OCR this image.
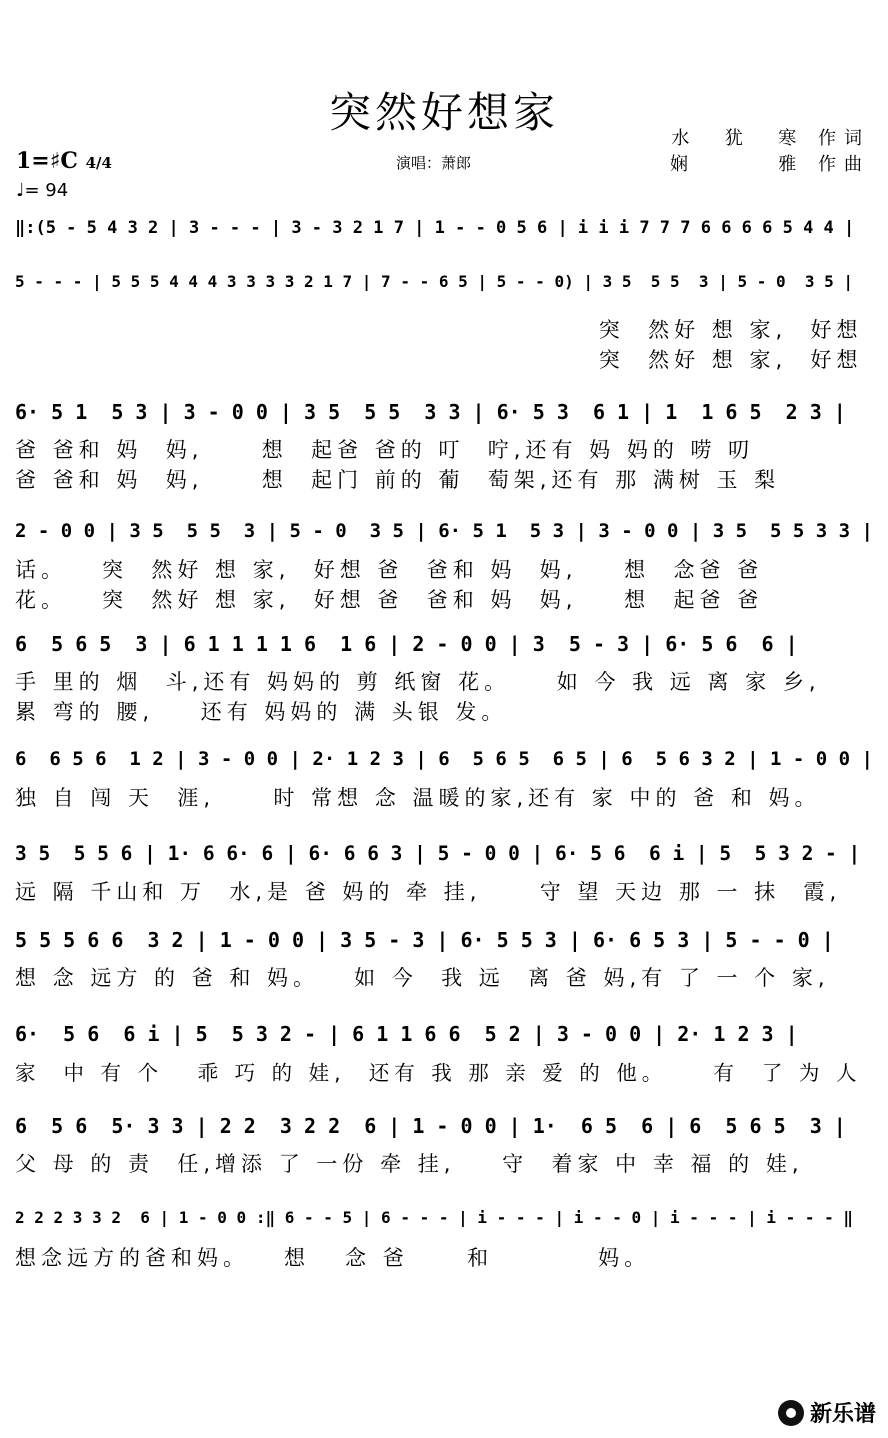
突然好想家
水  犹  寒 作词
娴      雅 作曲
1=♯C 4/4
♩= 94
演唱：萧郎
‖:(5 - 5 4 3 2 | 3 - - - | 3 - 3 2 1 7 | 1 - - 0 5 6 | i i i 7 7 7 6 6 6 6 5 4 4 |
5 - - - | 5 5 5 4 4 4 3 3 3 3 2 1 7 | 7 - - 6 5 | 5 - - 0) | 3 5  5 5  3 | 5 - 0  3 5 |
突  然好 想 家,  好想
突  然好 想 家,  好想
6· 5 1  5 3 | 3 - 0 0 | 3 5  5 5  3 3 | 6· 5 3  6 1 | 1  1 6 5  2 3 |
爸 爸和 妈  妈,     想  起爸 爸的 叮  咛,还有 妈 妈的 唠 叨
爸 爸和 妈  妈,     想  起门 前的 葡  萄架,还有 那 满树 玉 梨
2 - 0 0 | 3 5  5 5  3 | 5 - 0  3 5 | 6· 5 1  5 3 | 3 - 0 0 | 3 5  5 5 3 3 |
话。   突  然好 想 家,  好想 爸  爸和 妈  妈,    想  念爸 爸
花。   突  然好 想 家,  好想 爸  爸和 妈  妈,    想  起爸 爸
6  5 6 5  3 | 6 1 1 1 1 6  1 6 | 2 - 0 0 | 3  5 - 3 | 6· 5 6  6 |
手 里的 烟  斗,还有 妈妈的 剪 纸窗 花。    如 今 我 远 离 家 乡,
累 弯的 腰,    还有 妈妈的 满 头银 发。
6  6 5 6  1 2 | 3 - 0 0 | 2· 1 2 3 | 6  5 6 5  6 5 | 6  5 6 3 2 | 1 - 0 0 |
独 自 闯 天  涯,     时 常想 念 温暖的家,还有 家 中的 爸 和 妈。
3 5  5 5 6 | 1· 6 6· 6 | 6· 6 6 3 | 5 - 0 0 | 6· 5 6  6 i | 5  5 3 2 - |
远 隔 千山和 万  水,是 爸 妈的 牵 挂,     守 望 天边 那 一 抹  霞,
5 5 5 6 6  3 2 | 1 - 0 0 | 3 5 - 3 | 6· 5 5 3 | 6· 6 5 3 | 5 - - 0 |
想 念 远方 的 爸 和 妈。   如 今  我 远  离 爸 妈,有 了 一 个 家,
6·  5 6  6 i | 5  5 3 2 - | 6 1 1 6 6  5 2 | 3 - 0 0 | 2· 1 2 3 |
家  中 有 个   乖 巧 的 娃,  还有 我 那 亲 爱 的 他。    有  了 为 人
6  5 6  5· 3 3 | 2 2  3 2 2  6 | 1 - 0 0 | 1·  6 5  6 | 6  5 6 5  3 |
父 母 的 责  任,增添 了 一份 牵 挂,    守  着家 中 幸 福 的 娃,
2 2 2 3 3 2  6 | 1 - 0 0 :‖ 6 - - 5 | 6 - - - | i - - - | i - - 0 | i - - - | i - - - ‖
想念远方的爸和妈。   想   念 爸     和         妈。
新乐谱
